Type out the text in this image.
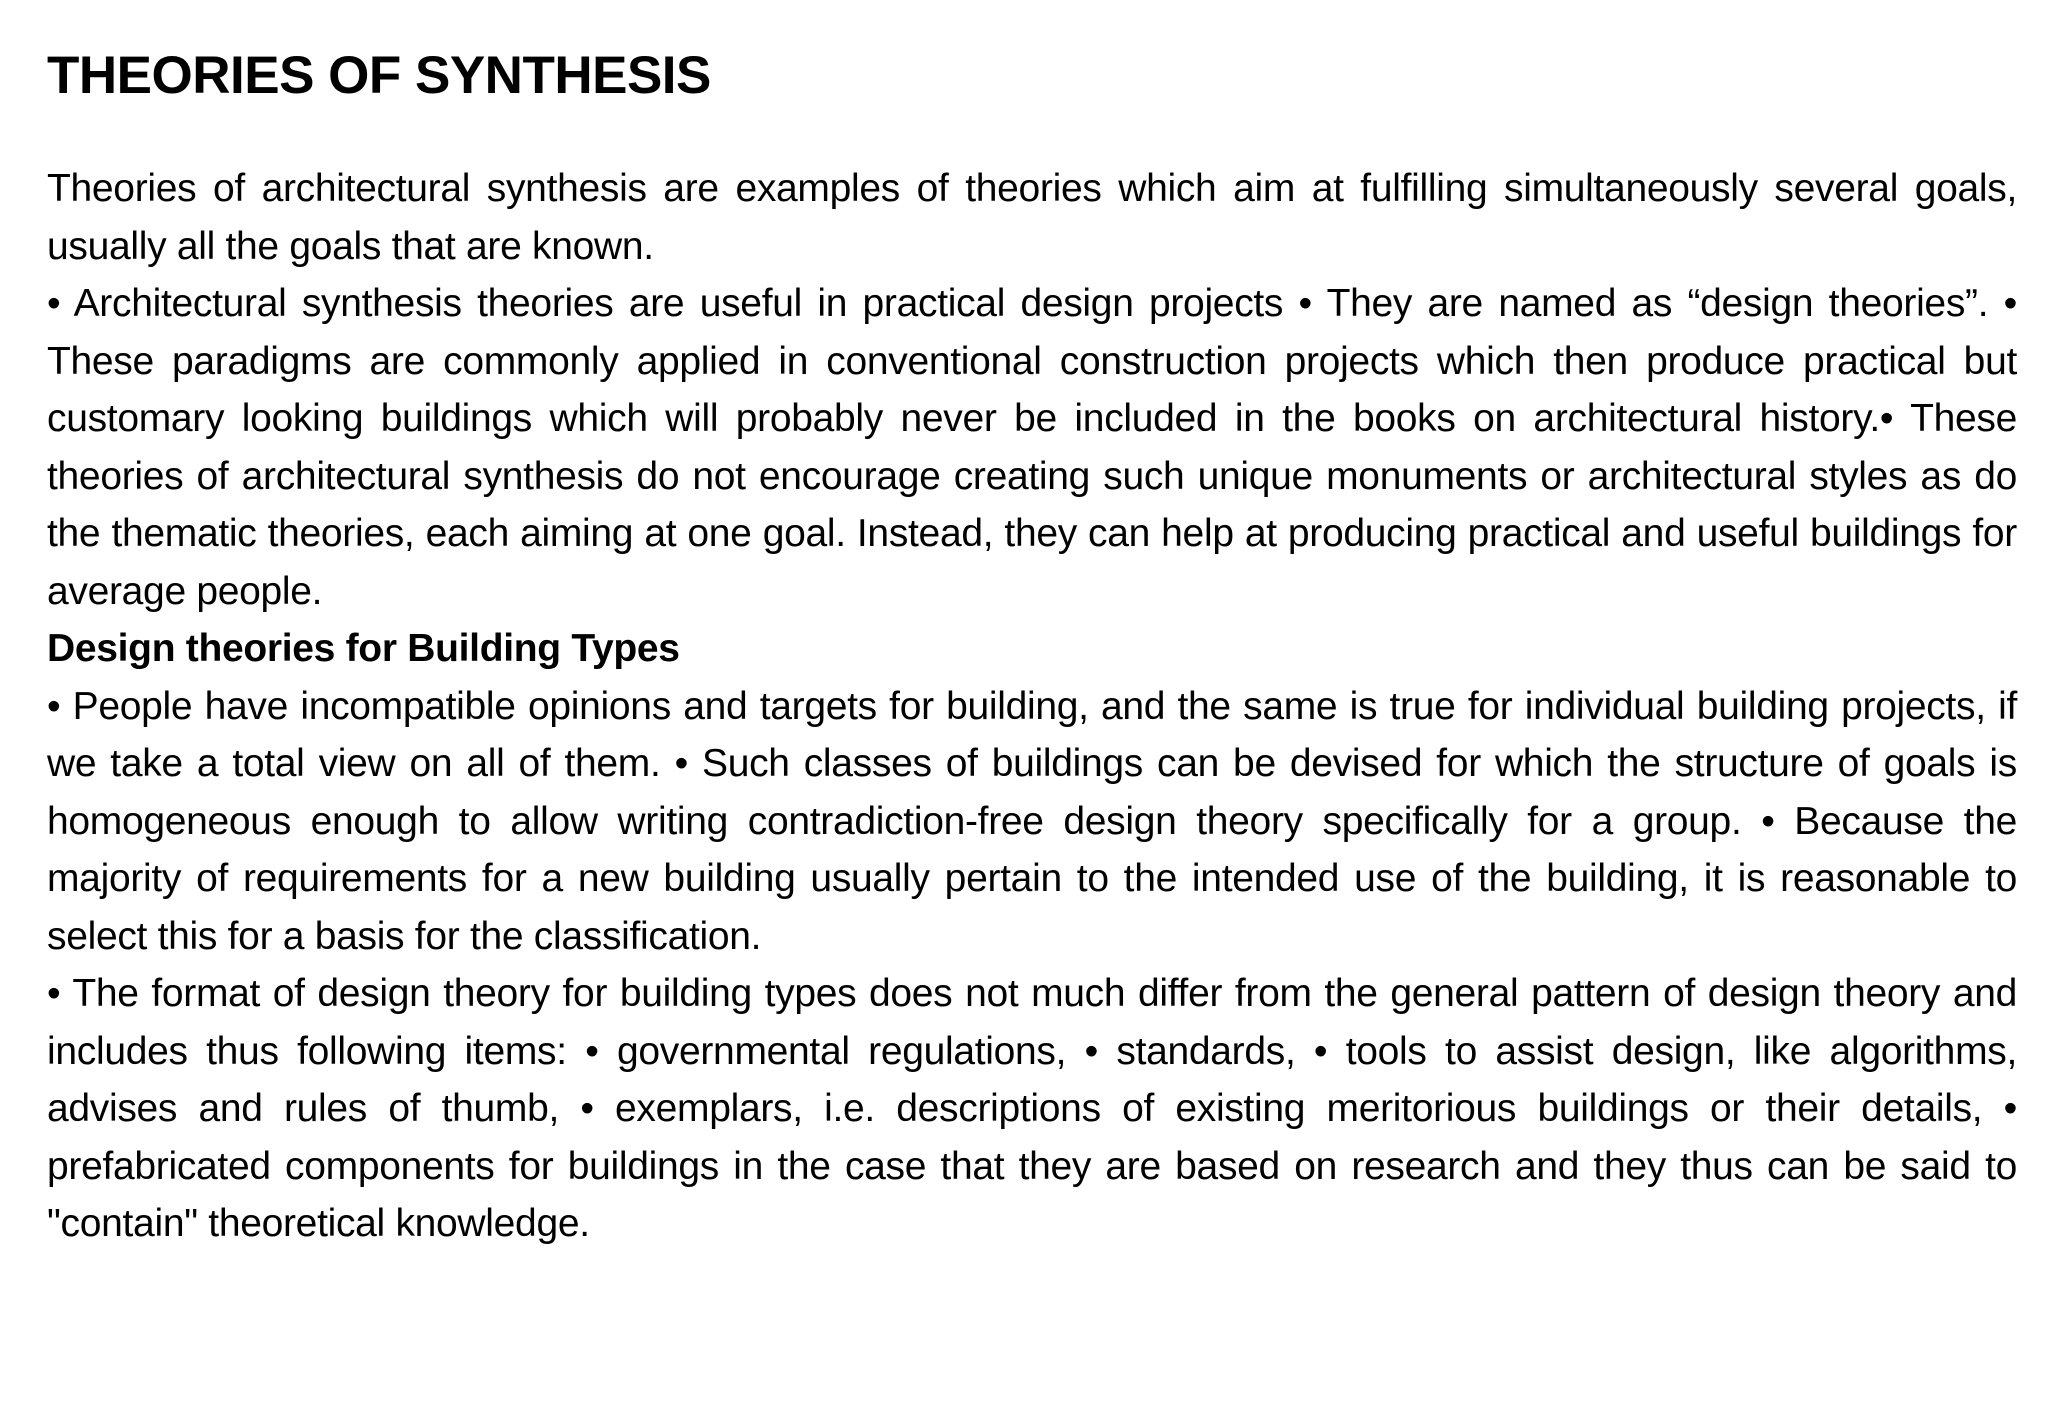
THEORIES OF SYNTHESIS

Theories of architectural synthesis are examples of theories which aim at fulfilling simultaneously several goals, usually all the goals that are known.

• Architectural synthesis theories are useful in practical design projects • They are named as “design theories”. • These paradigms are commonly applied in conventional construction projects which then produce practical but customary looking buildings which will probably never be included in the books on architectural history.• These theories of architectural synthesis do not encourage creating such unique monuments or architectural styles as do the thematic theories, each aiming at one goal. Instead, they can help at producing practical and useful buildings for average people.

Design theories for Building Types

• People have incompatible opinions and targets for building, and the same is true for individual building projects, if we take a total view on all of them. • Such classes of buildings can be devised for which the structure of goals is homogeneous enough to allow writing contradiction-free design theory specifically for a group. • Because the majority of requirements for a new building usually pertain to the intended use of the building, it is reasonable to select this for a basis for the classification.

• The format of design theory for building types does not much differ from the general pattern of design theory and includes thus following items: • governmental regulations, • standards, • tools to assist design, like algorithms, advises and rules of thumb, • exemplars, i.e. descriptions of existing meritorious buildings or their details, • prefabricated components for buildings in the case that they are based on research and they thus can be said to "contain" theoretical knowledge.
